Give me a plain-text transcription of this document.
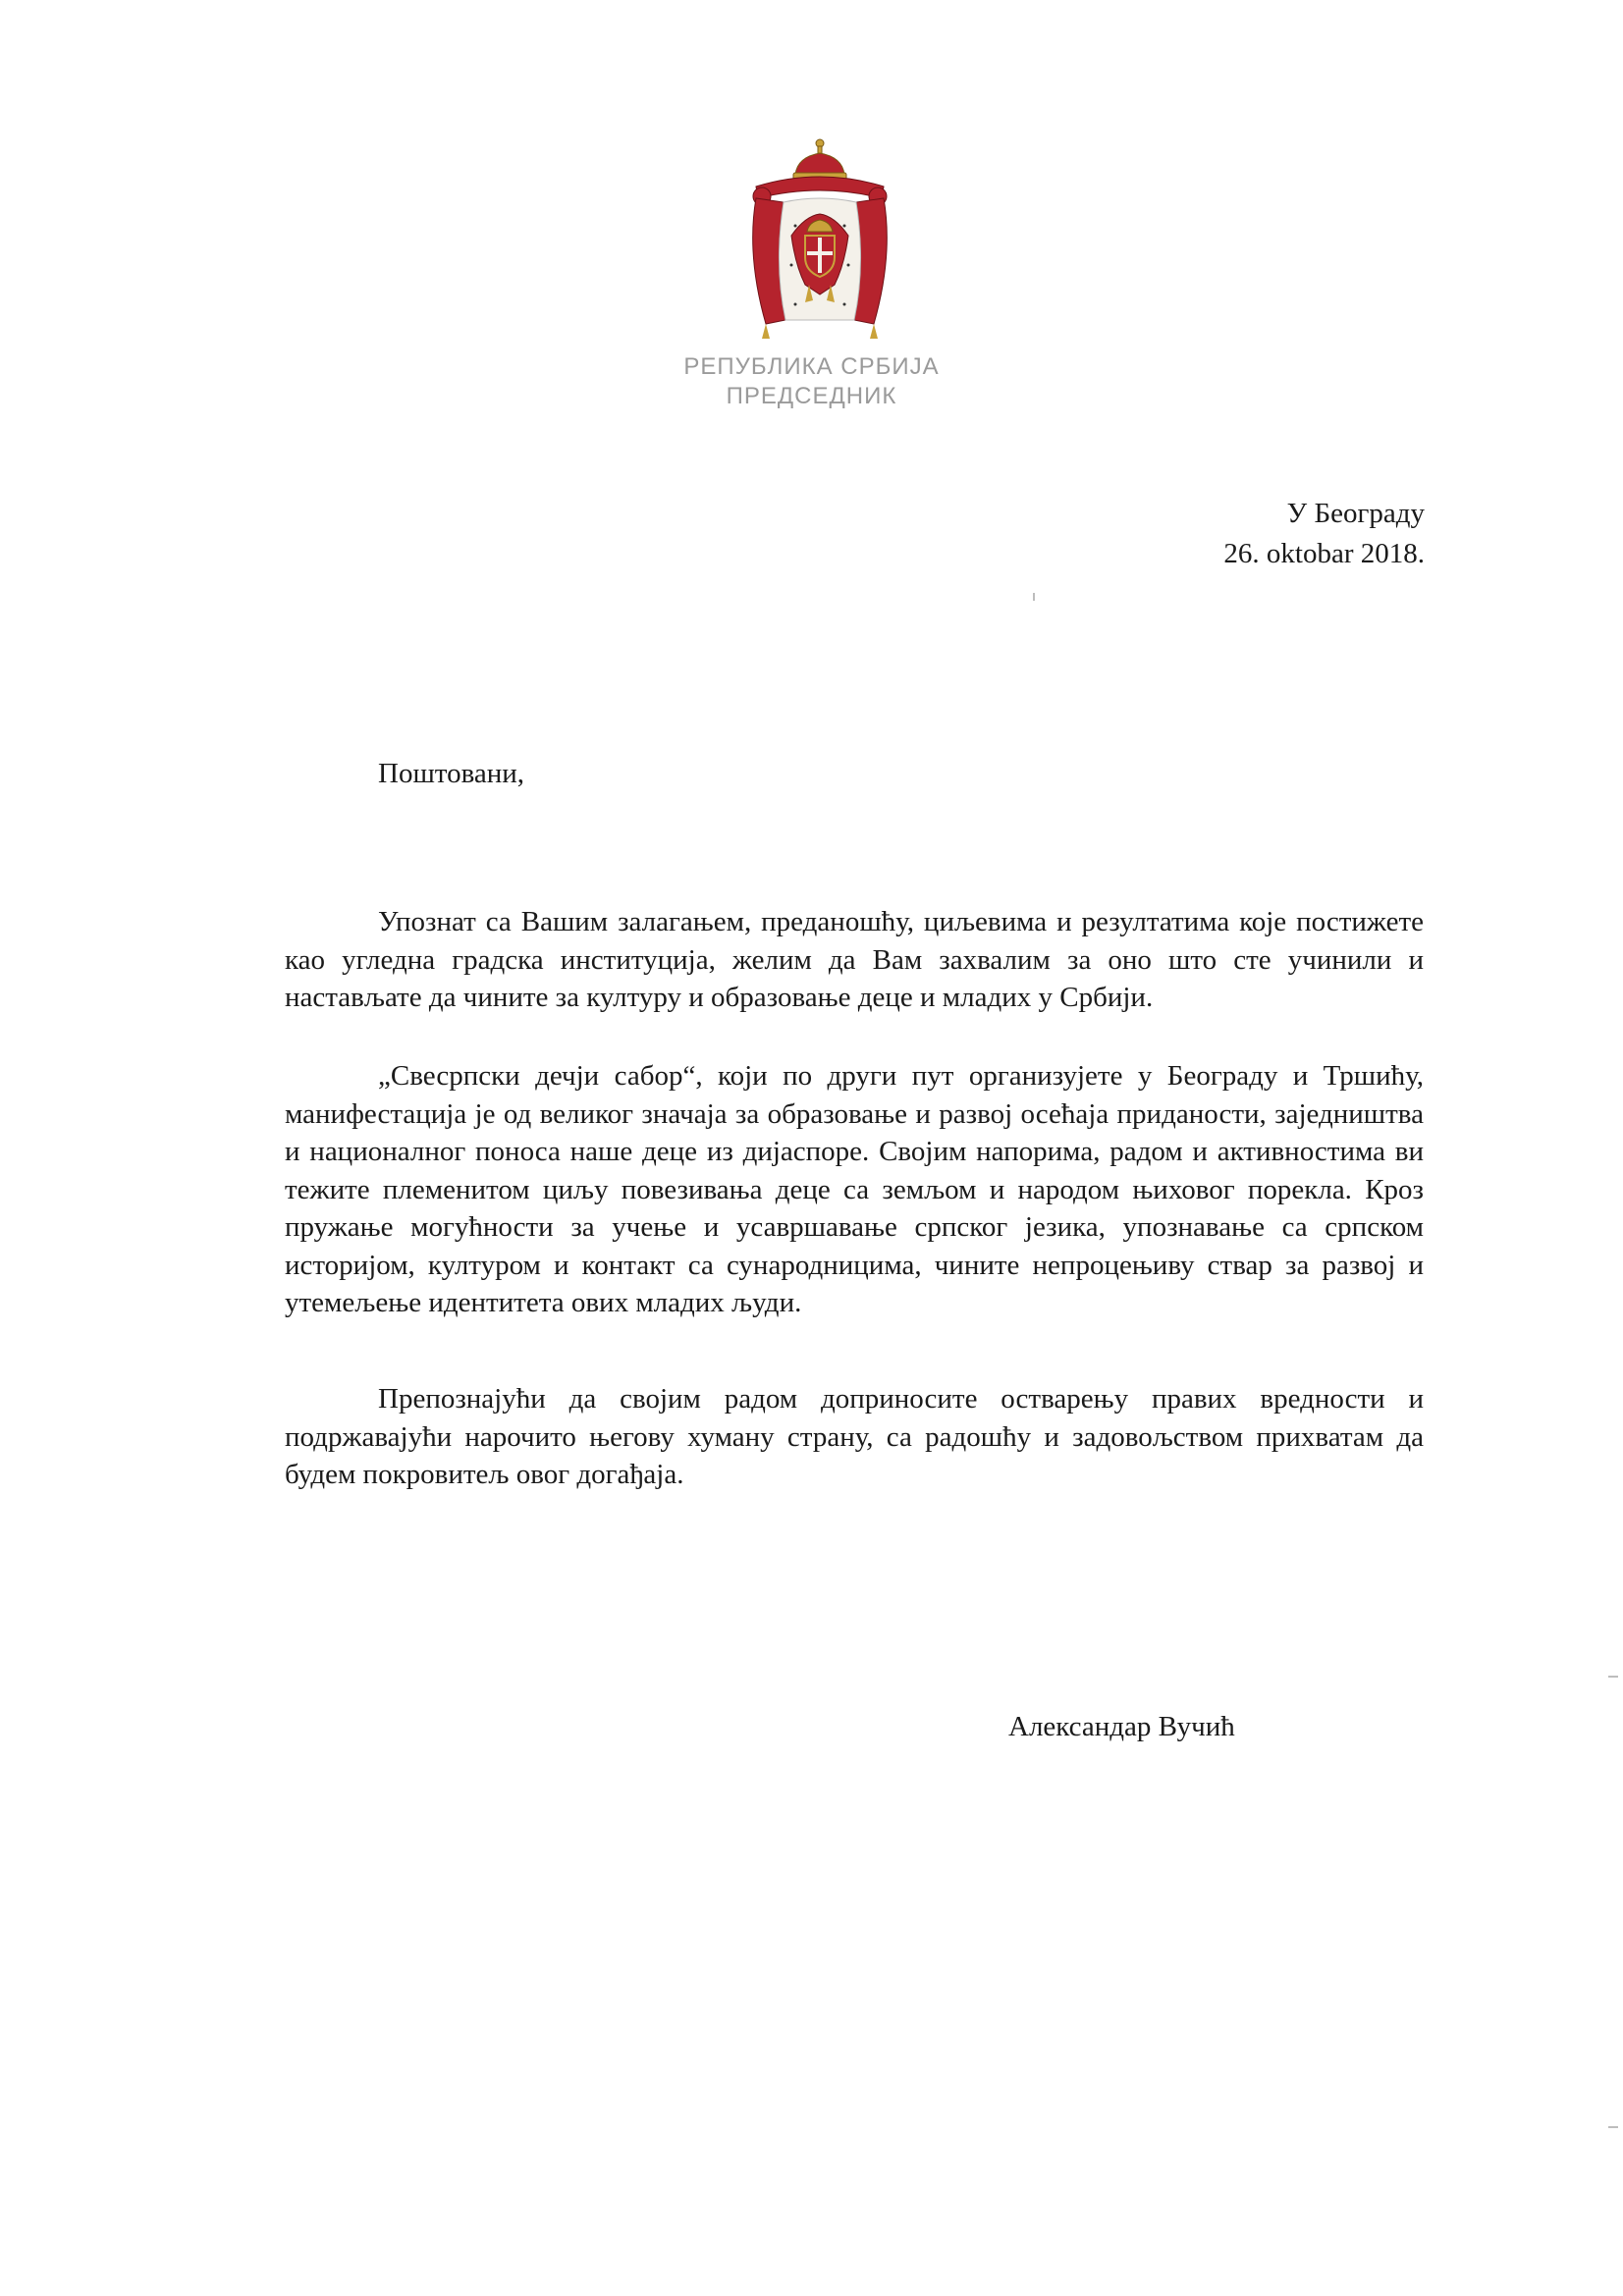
РЕПУБЛИКА СРБИЈА
ПРЕДСЕДНИК
У Београду
26. oktobar 2018.
Поштовани,

Упознат са Вашим залагањем, преданошћу, циљевима и резултатима које постижете као угледна градска институција, желим да Вам захвалим за оно што сте учинили и настављате да чините за културу и образовање деце и младих у Србији.

„Свесрпски дечји сабор“, који по други пут организујете у Београду и Тршићу, манифестација је од великог значаја за образовање и развој осећаја приданости, заједништва и националног поноса наше деце из дијаспоре. Својим напорима, радом и активностима ви тежите племенитом циљу повезивања деце са земљом и народом њиховог порекла. Кроз пружање могућности за учење и усавршавање српског језика, упознавање са српском историјом, културом и контакт са сународницима, чините непроцењиву ствар за развој и утемељење идентитета ових младих људи.

Препознајући да својим радом доприносите остварењу правих вредности и подржавајући нарочито његову хуману страну, са радошћу и задовољством прихватам да будем покровитељ овог догађаја.

Александар Вучић
